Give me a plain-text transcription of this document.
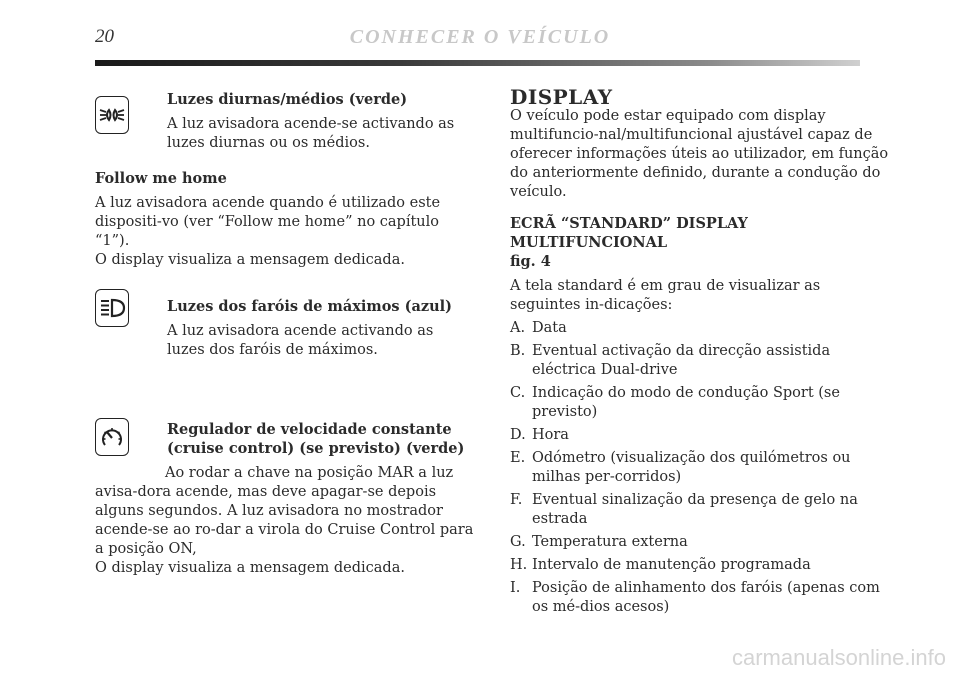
20	CONHECER O VEÍCULO

Luzes diurnas/médios (verde)

A luz avisadora acende-se activando as luzes diurnas ou os médios.

Follow me home

A luz avisadora acende quando é utilizado este dispositi-vo (ver “Follow me home” no capítulo “1”).

O display visualiza a mensagem dedicada.

Luzes dos faróis de máximos (azul)

A luz avisadora acende activando as luzes dos faróis de máximos.

Regulador de velocidade constante

(cruise control) (se previsto) (verde)

Ao rodar a chave na posição MAR a luz avisa-dora acende, mas deve apagar-se depois alguns segundos. A luz avisadora no mostrador acende-se ao ro-dar a virola do Cruise Control para a posição ON,

O display visualiza a mensagem dedicada.

DISPLAY

O veículo pode estar equipado com display multifuncio-nal/multifuncional ajustável capaz de oferecer informações úteis ao utilizador, em função do anteriormente definido, durante a condução do veículo.

ECRÃ “STANDARD” DISPLAY MULTIFUNCIONAL

fig. 4

A tela standard é em grau de visualizar as seguintes in-dicações:

A. Data
B. Eventual activação da direcção assistida eléctrica Dual-drive
C. Indicação do modo de condução Sport (se previsto)
D. Hora
E. Odómetro (visualização dos quilómetros ou milhas per-corridos)
F. Eventual sinalização da presença de gelo na estrada
G. Temperatura externa
H. Intervalo de manutenção programada
I. Posição de alinhamento dos faróis (apenas com os mé-dios acesos)
carmanualsonline.info
